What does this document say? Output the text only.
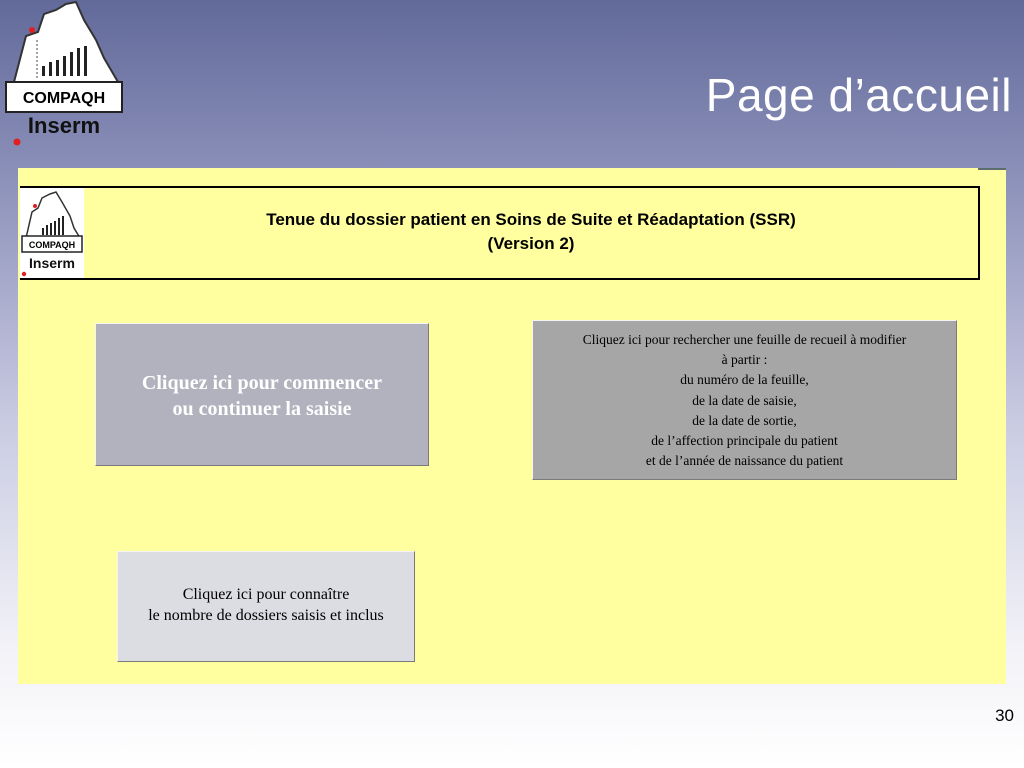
COMPAQH
Inserm
Page d’accueil
COMPAQH
Inserm
Tenue du dossier patient en Soins de Suite et Réadaptation (SSR)
(Version 2)
Cliquez ici pour commencer
ou continuer la saisie
Cliquez ici pour rechercher une feuille de recueil à modifier
à partir :
du numéro de la feuille,
de la date de saisie,
de la date de sortie,
de l’affection principale du patient
et de l’année de naissance du patient
Cliquez ici pour connaître
le nombre de dossiers saisis et inclus
30
